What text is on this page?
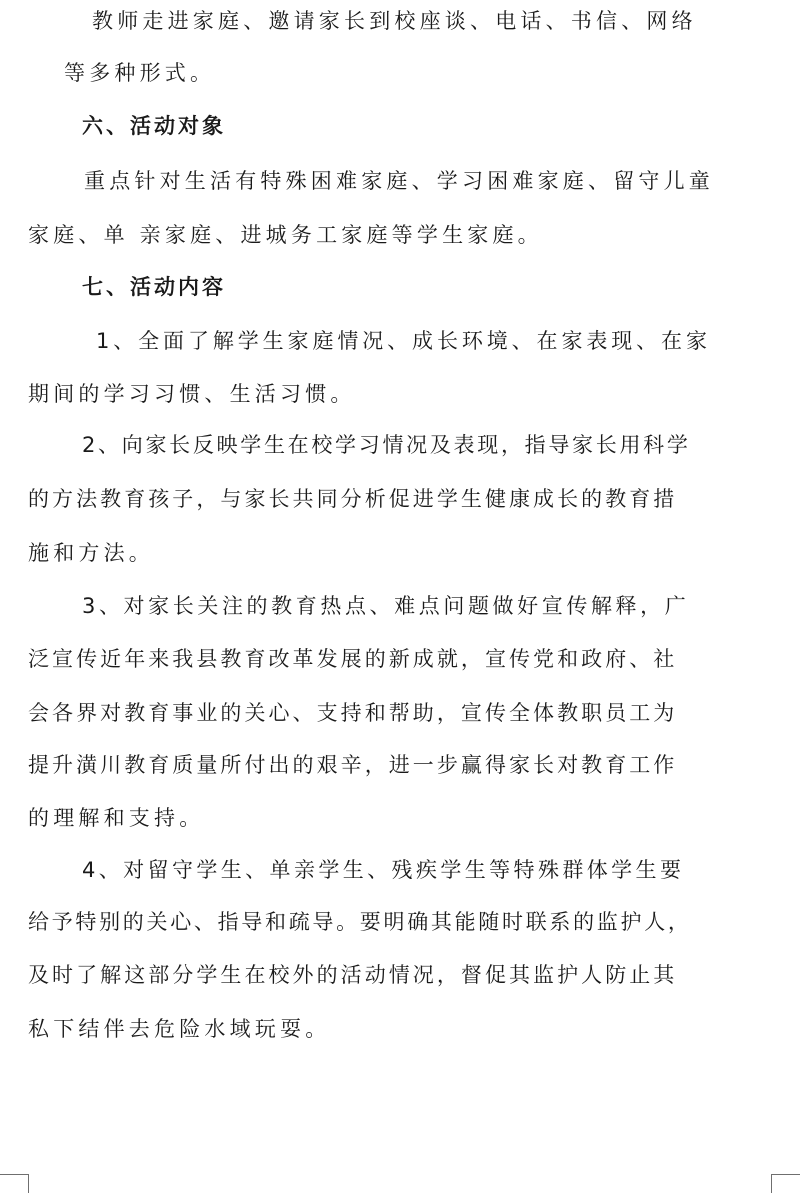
教师走进家庭、邀请家长到校座谈、电话、书信、网络
等多种形式。
六、活动对象
重点针对生活有特殊困难家庭、学习困难家庭、留守儿童
家庭、单 亲家庭、进城务工家庭等学生家庭。
七、活动内容
1、全面了解学生家庭情况、成长环境、在家表现、在家
期间的学习习惯、生活习惯。
2、向家长反映学生在校学习情况及表现，指导家长用科学
的方法教育孩子，与家长共同分析促进学生健康成长的教育措
施和方法。
3、对家长关注的教育热点、难点问题做好宣传解释，广
泛宣传近年来我县教育改革发展的新成就，宣传党和政府、社
会各界对教育事业的关心、支持和帮助，宣传全体教职员工为
提升潢川教育质量所付出的艰辛，进一步赢得家长对教育工作
的理解和支持。
4、对留守学生、单亲学生、残疾学生等特殊群体学生要
给予特别的关心、指导和疏导。要明确其能随时联系的监护人，
及时了解这部分学生在校外的活动情况，督促其监护人防止其
私下结伴去危险水域玩耍。
